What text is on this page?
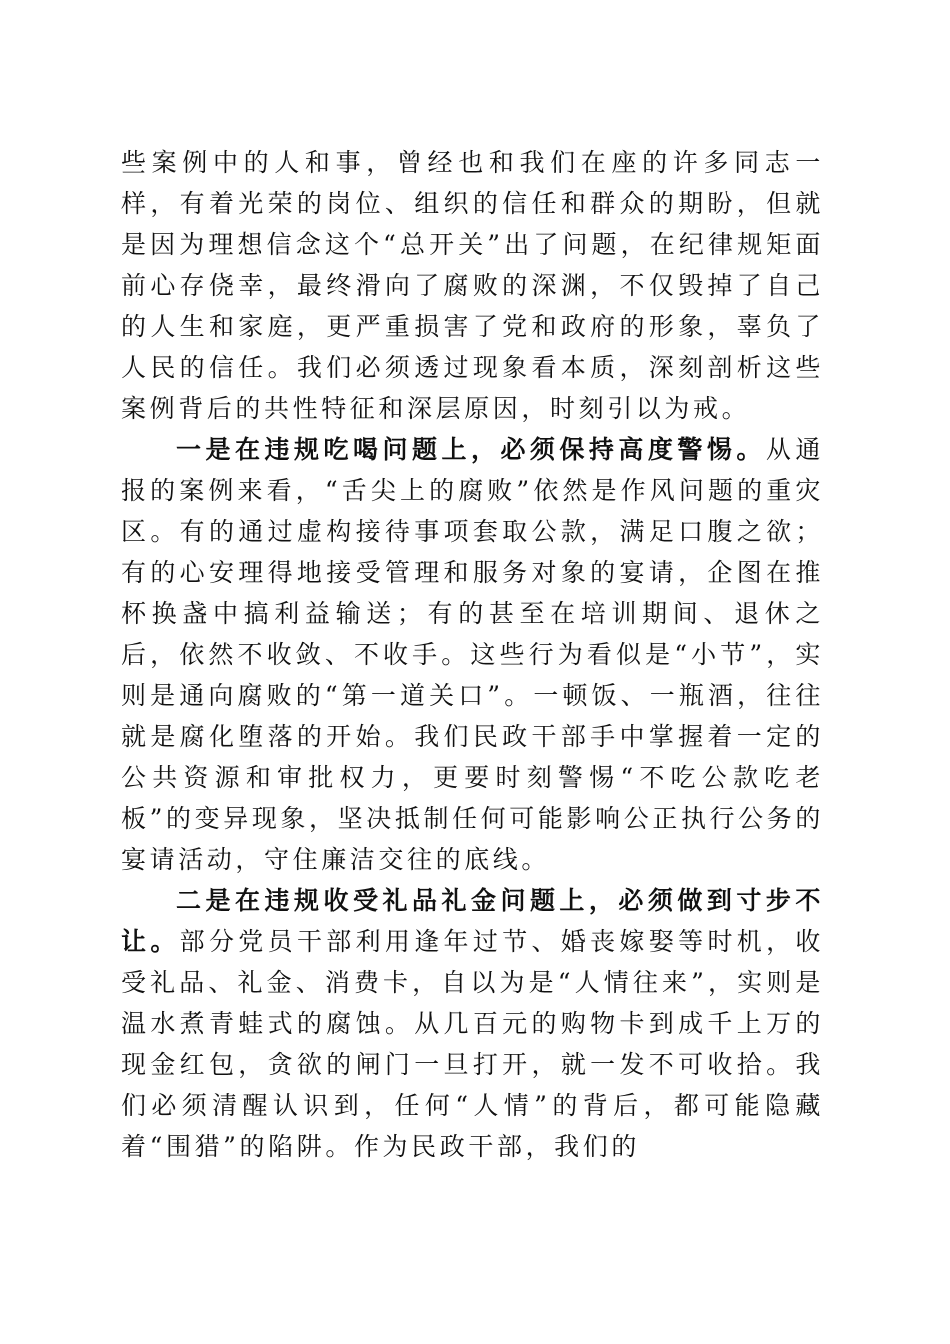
些案例中的人和事，曾经也和我们在座的许多同志一样，有着光荣的岗位、组织的信任和群众的期盼，但就是因为理想信念这个“总开关”出了问题，在纪律规矩面前心存侥幸，最终滑向了腐败的深渊，不仅毁掉了自己的人生和家庭，更严重损害了党和政府的形象，辜负了人民的信任。我们必须透过现象看本质，深刻剖析这些案例背后的共性特征和深层原因，时刻引以为戒。

一是在违规吃喝问题上，必须保持高度警惕。从通报的案例来看，“舌尖上的腐败”依然是作风问题的重灾区。有的通过虚构接待事项套取公款，满足口腹之欲；有的心安理得地接受管理和服务对象的宴请，企图在推杯换盏中搞利益输送；有的甚至在培训期间、退休之后，依然不收敛、不收手。这些行为看似是“小节”，实则是通向腐败的“第一道关口”。一顿饭、一瓶酒，往往就是腐化堕落的开始。我们民政干部手中掌握着一定的公共资源和审批权力，更要时刻警惕“不吃公款吃老板”的变异现象，坚决抵制任何可能影响公正执行公务的宴请活动，守住廉洁交往的底线。

二是在违规收受礼品礼金问题上，必须做到寸步不让。部分党员干部利用逢年过节、婚丧嫁娶等时机，收受礼品、礼金、消费卡，自以为是“人情往来”，实则是温水煮青蛙式的腐蚀。从几百元的购物卡到成千上万的现金红包，贪欲的闸门一旦打开，就一发不可收拾。我们必须清醒认识到，任何“人情”的背后，都可能隐藏着“围猎”的陷阱。作为民政干部，我们的
